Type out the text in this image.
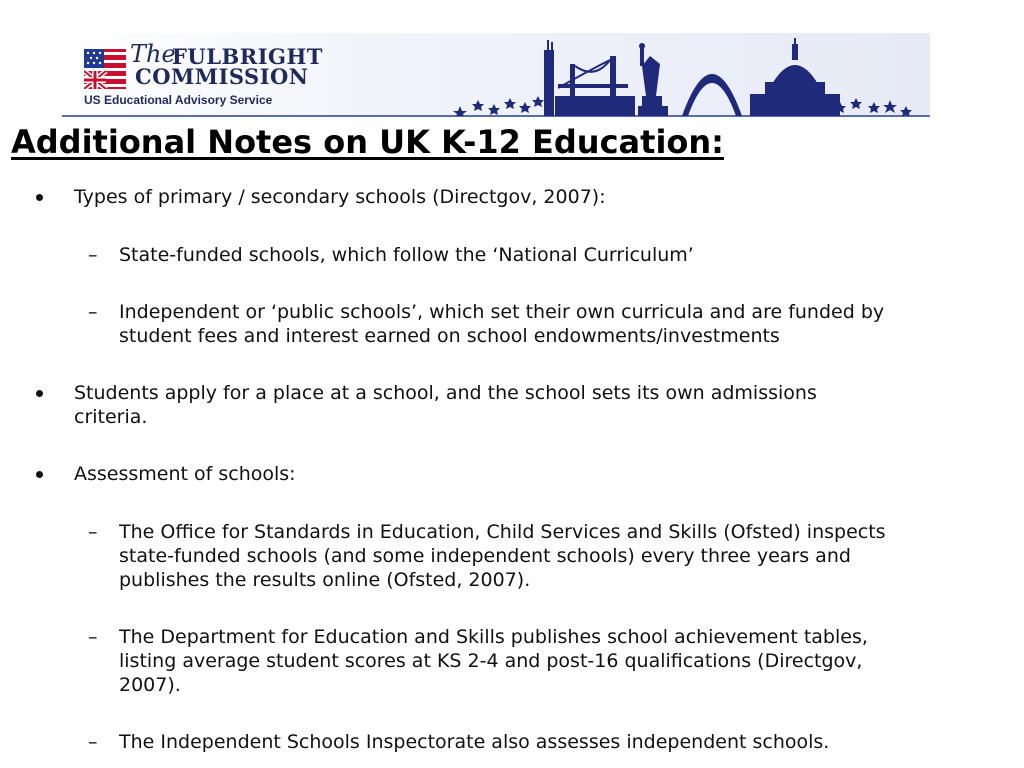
The
FULBRIGHT
COMMISSION
US Educational Advisory Service
Additional Notes on UK K-12 Education:
Types of primary / secondary schools (Directgov, 2007):
– State-funded schools, which follow the ‘National Curriculum’
– Independent or ‘public schools’, which set their own curricula and are funded by student fees and interest earned on school endowments/investments
Students apply for a place at a school, and the school sets its own admissions criteria.
Assessment of schools:
– The Office for Standards in Education, Child Services and Skills (Ofsted) inspects state-funded schools (and some independent schools) every three years and publishes the results online (Ofsted, 2007).
– The Department for Education and Skills publishes school achievement tables, listing average student scores at KS 2-4 and post-16 qualifications (Directgov, 2007).
– The Independent Schools Inspectorate also assesses independent schools.
